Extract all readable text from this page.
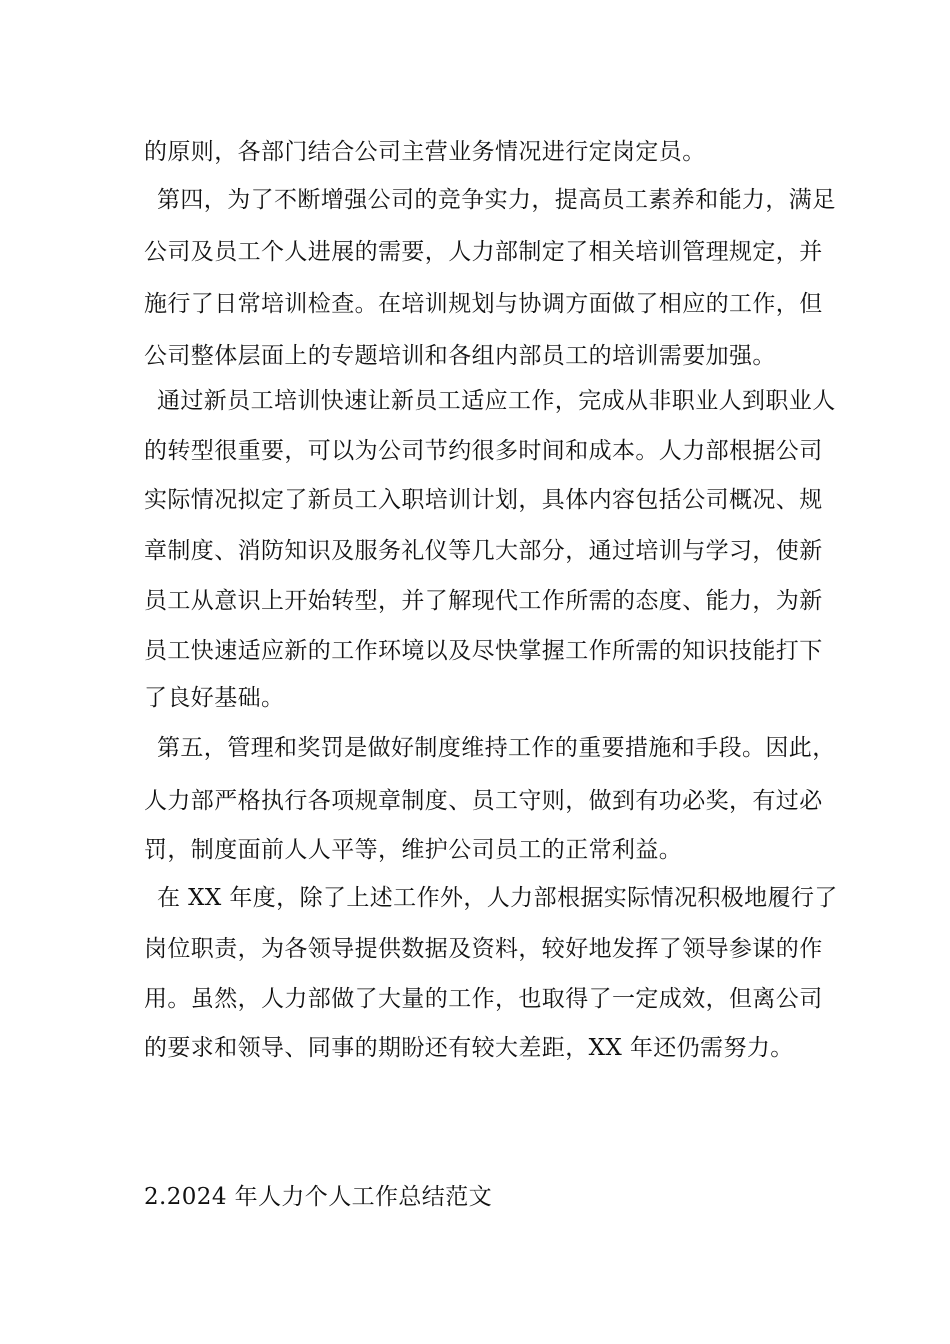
的原则，各部门结合公司主营业务情况进行定岗定员。
第四，为了不断增强公司的竞争实力，提高员工素养和能力，满足
公司及员工个人进展的需要，人力部制定了相关培训管理规定，并
施行了日常培训检查。在培训规划与协调方面做了相应的工作，但
公司整体层面上的专题培训和各组内部员工的培训需要加强。
通过新员工培训快速让新员工适应工作，完成从非职业人到职业人
的转型很重要，可以为公司节约很多时间和成本。人力部根据公司
实际情况拟定了新员工入职培训计划，具体内容包括公司概况、规
章制度、消防知识及服务礼仪等几大部分，通过培训与学习，使新
员工从意识上开始转型，并了解现代工作所需的态度、能力，为新
员工快速适应新的工作环境以及尽快掌握工作所需的知识技能打下
了良好基础。
第五，管理和奖罚是做好制度维持工作的重要措施和手段。因此，
人力部严格执行各项规章制度、员工守则，做到有功必奖，有过必
罚，制度面前人人平等，维护公司员工的正常利益。
在 XX 年度，除了上述工作外，人力部根据实际情况积极地履行了
岗位职责，为各领导提供数据及资料，较好地发挥了领导参谋的作
用。虽然，人力部做了大量的工作，也取得了一定成效，但离公司
的要求和领导、同事的期盼还有较大差距，XX 年还仍需努力。
2.2024 年人力个人工作总结范文
